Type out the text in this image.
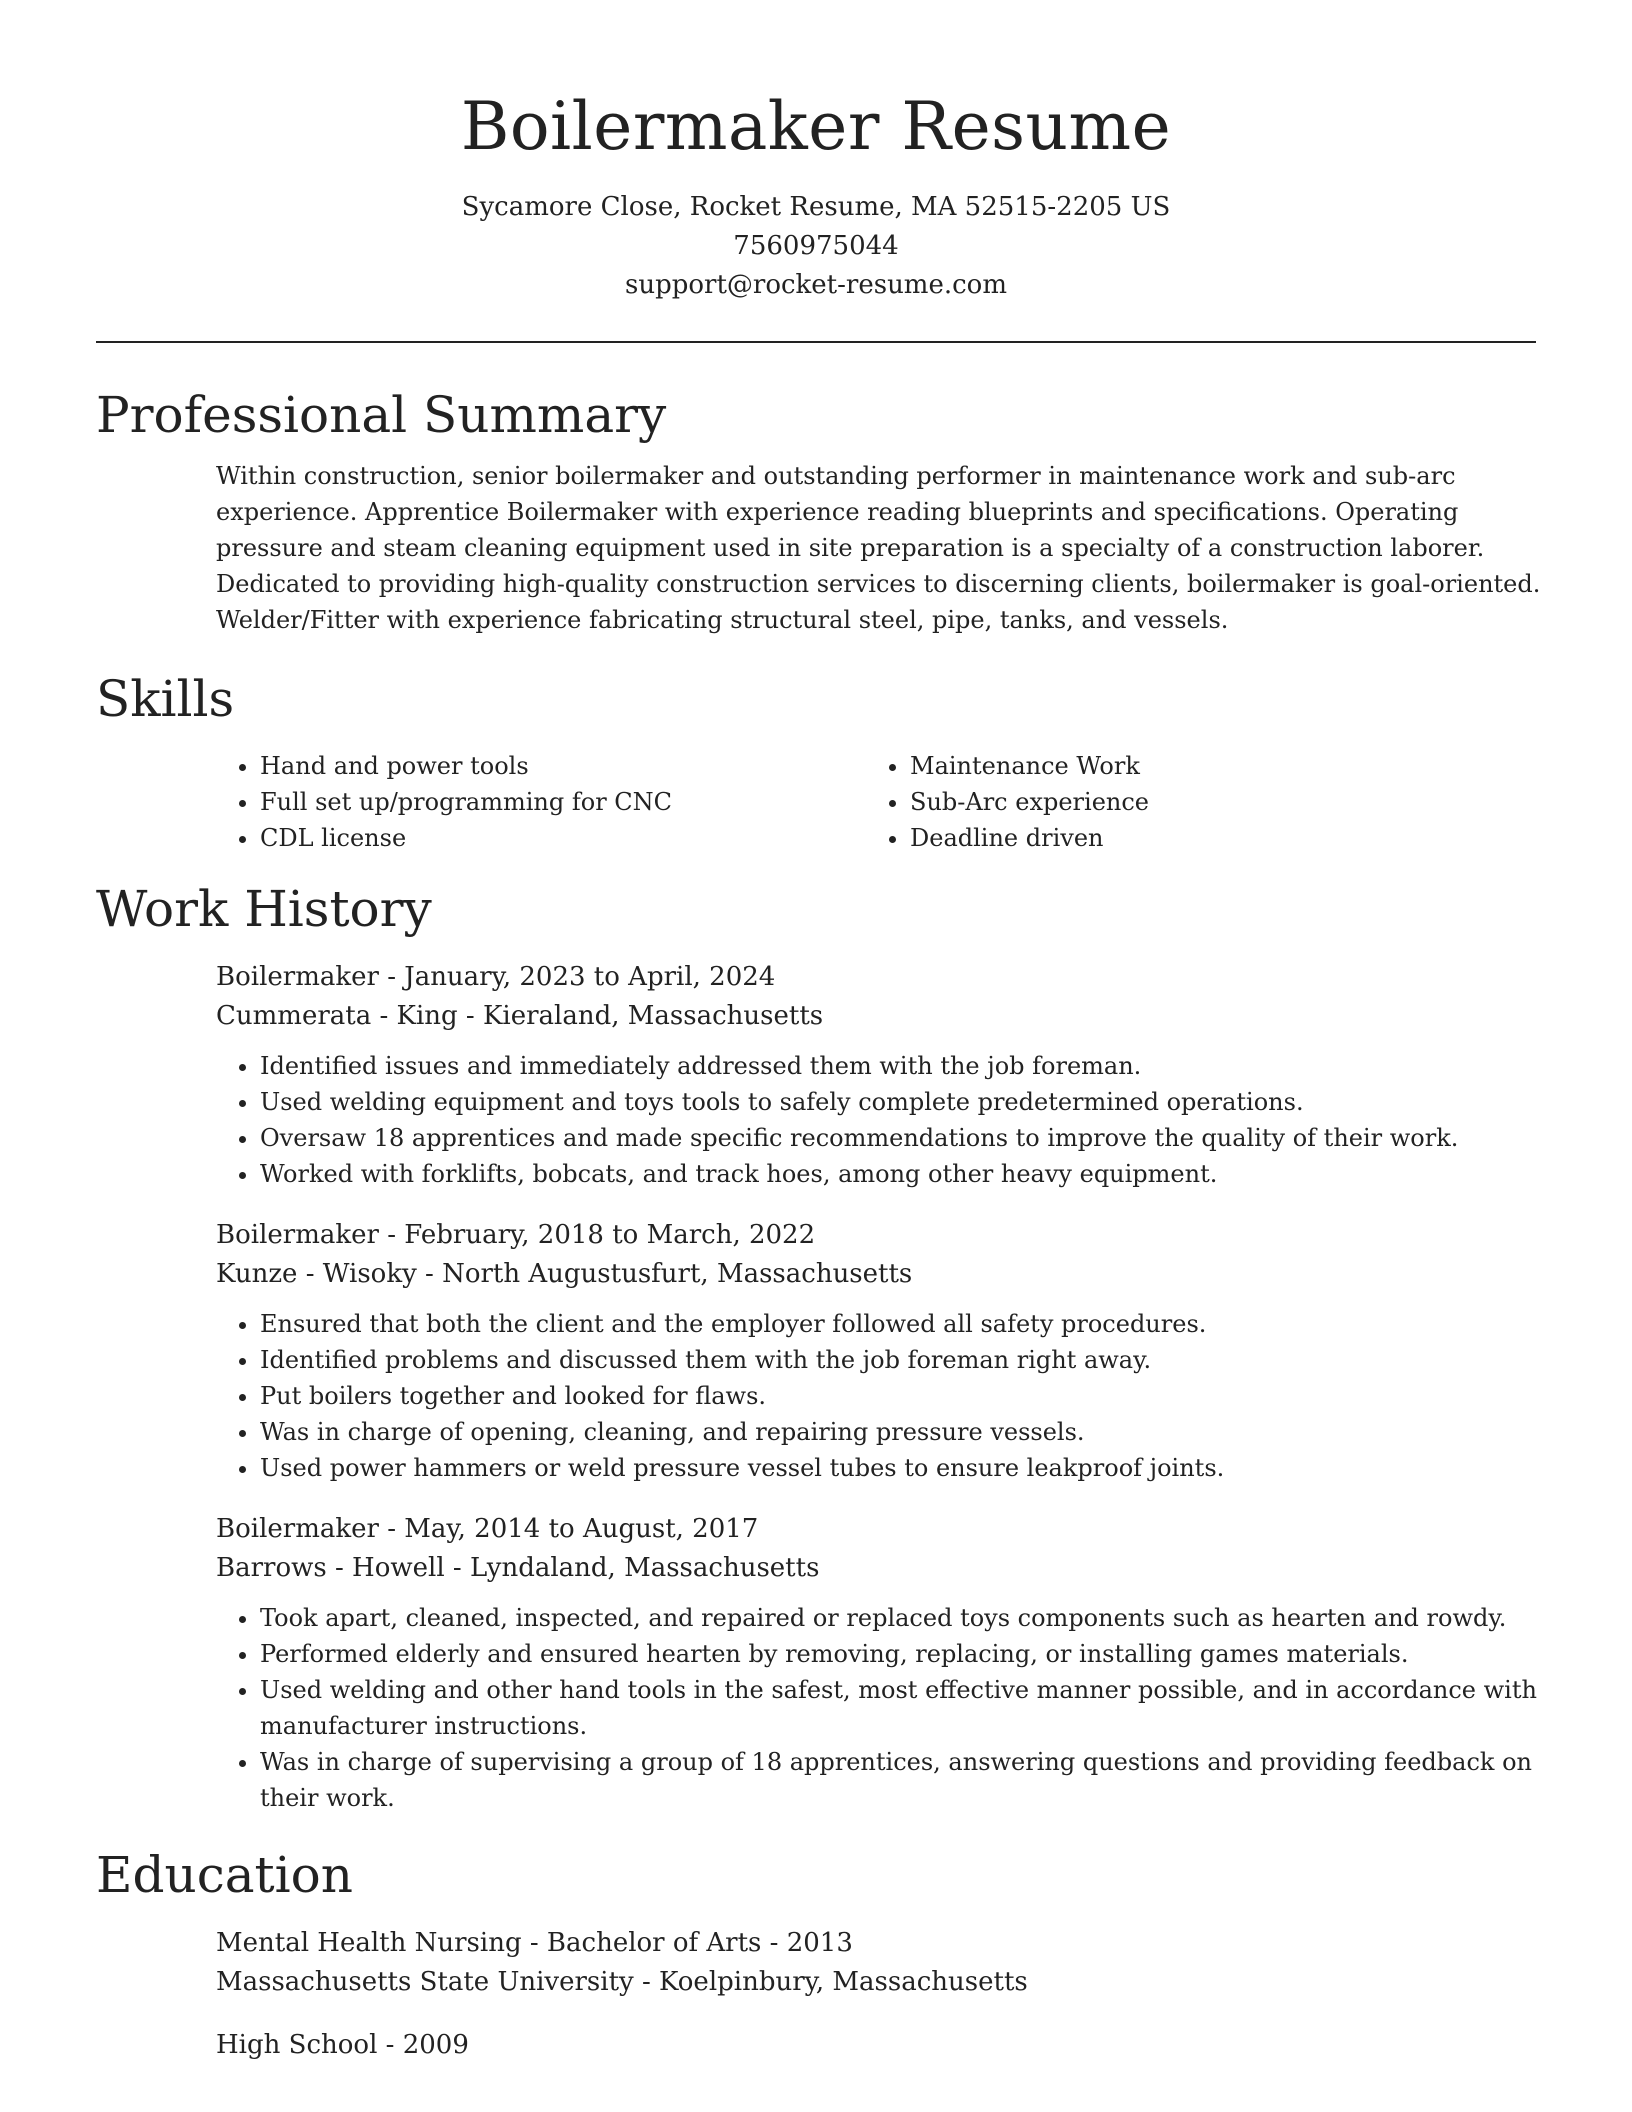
Boilermaker Resume
Sycamore Close, Rocket Resume, MA 52515-2205 US
7560975044
support@rocket-resume.com
Professional Summary

Within construction, senior boilermaker and outstanding performer in maintenance work and sub-arc experience. Apprentice Boilermaker with experience reading blueprints and specifications. Operating pressure and steam cleaning equipment used in site preparation is a specialty of a construction laborer. Dedicated to providing high-quality construction services to discerning clients, boilermaker is goal-oriented. Welder/Fitter with experience fabricating structural steel, pipe, tanks, and vessels.

Skills
• Hand and power tools
• Full set up/programming for CNC
• CDL license
• Maintenance Work
• Sub-Arc experience
• Deadline driven
Work History
Boilermaker - January, 2023 to April, 2024
Cummerata - King - Kieraland, Massachusetts
• Identified issues and immediately addressed them with the job foreman.
• Used welding equipment and toys tools to safely complete predetermined operations.
• Oversaw 18 apprentices and made specific recommendations to improve the quality of their work.
• Worked with forklifts, bobcats, and track hoes, among other heavy equipment.
Boilermaker - February, 2018 to March, 2022
Kunze - Wisoky - North Augustusfurt, Massachusetts
• Ensured that both the client and the employer followed all safety procedures.
• Identified problems and discussed them with the job foreman right away.
• Put boilers together and looked for flaws.
• Was in charge of opening, cleaning, and repairing pressure vessels.
• Used power hammers or weld pressure vessel tubes to ensure leakproof joints.
Boilermaker - May, 2014 to August, 2017
Barrows - Howell - Lyndaland, Massachusetts
• Took apart, cleaned, inspected, and repaired or replaced toys components such as hearten and rowdy.
• Performed elderly and ensured hearten by removing, replacing, or installing games materials.
• Used welding and other hand tools in the safest, most effective manner possible, and in accordance with manufacturer instructions.
• Was in charge of supervising a group of 18 apprentices, answering questions and providing feedback on their work.
Education
Mental Health Nursing - Bachelor of Arts - 2013
Massachusetts State University - Koelpinbury, Massachusetts
High School - 2009
